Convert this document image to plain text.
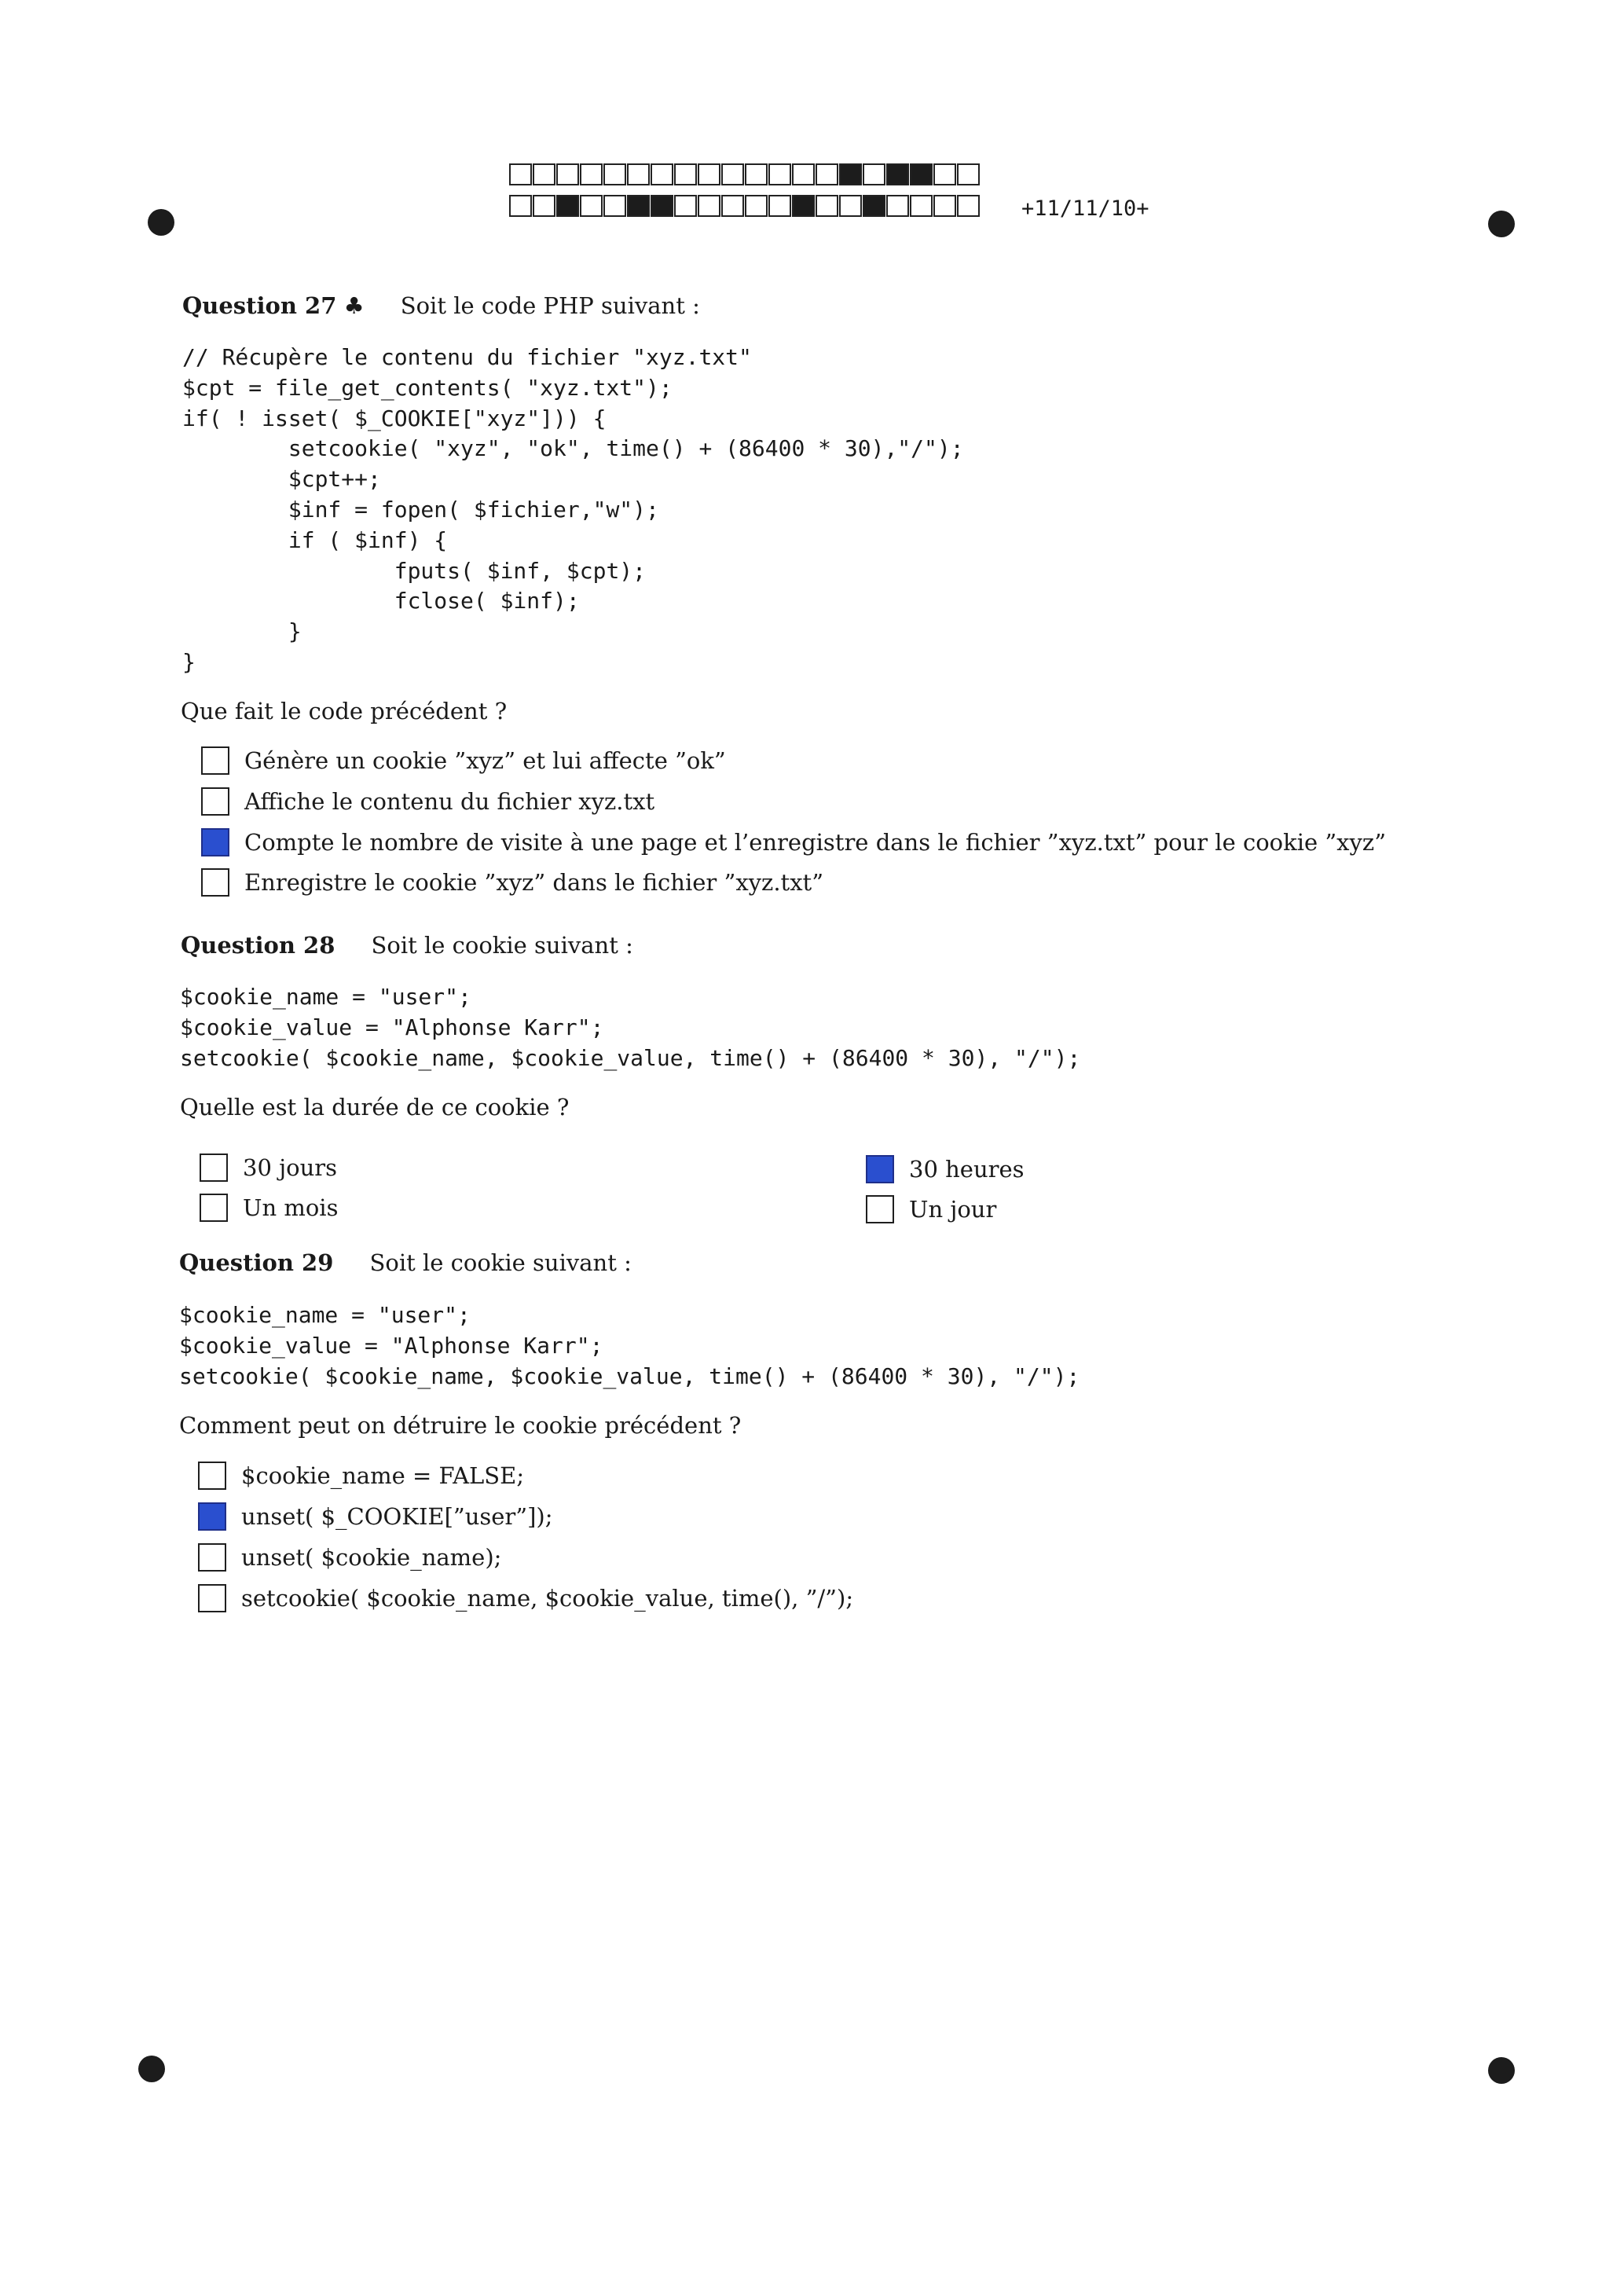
+11/11/10+
Question 27 ♣ Soit le code PHP suivant :
// Récupère le contenu du fichier "xyz.txt"
$cpt = file_get_contents( "xyz.txt");
if( ! isset( $_COOKIE["xyz"])) {
setcookie( "xyz", "ok", time() + (86400 * 30),"/");
$cpt++;
$inf = fopen( $fichier,"w");
if ( $inf) {
fputs( $inf, $cpt);
fclose( $inf);
}
}
Que fait le code précédent ?
Génère un cookie ”xyz” et lui affecte ”ok”
Affiche le contenu du fichier xyz.txt
Compte le nombre de visite à une page et l’enregistre dans le fichier ”xyz.txt” pour le cookie ”xyz”
Enregistre le cookie ”xyz” dans le fichier ”xyz.txt”
Question 28 Soit le cookie suivant :
$cookie_name = "user";
$cookie_value = "Alphonse Karr";
setcookie( $cookie_name, $cookie_value, time() + (86400 * 30), "/");
Quelle est la durée de ce cookie ?
30 jours
Un mois
30 heures
Un jour
Question 29 Soit le cookie suivant :
$cookie_name = "user";
$cookie_value = "Alphonse Karr";
setcookie( $cookie_name, $cookie_value, time() + (86400 * 30), "/");
Comment peut on détruire le cookie précédent ?
$cookie_name = FALSE;
unset( $_COOKIE[”user”]);
unset( $cookie_name);
setcookie( $cookie_name, $cookie_value, time(), ”/”);
